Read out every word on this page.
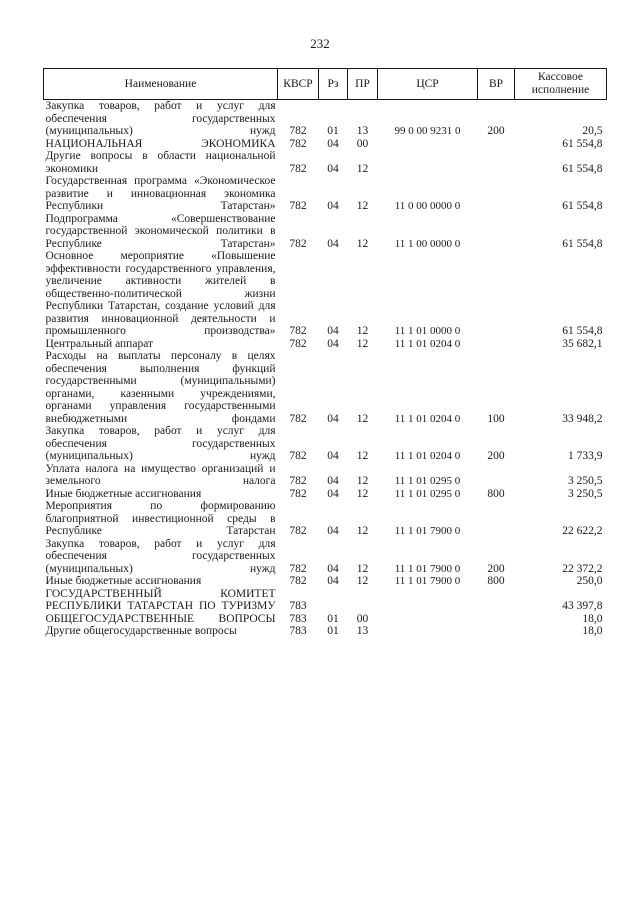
232
Наименование	КВСР	Рз	ПР	ЦСР	ВР	Кассовое исполнение
Закупка товаров, работ и услуг для обеспечения государственных (муниципальных) нужд	782	01	13	99 0 00 9231 0	200	20,5
НАЦИОНАЛЬНАЯ ЭКОНОМИКА	782	04	00			61 554,8
Другие вопросы в области национальной экономики	782	04	12			61 554,8
Государственная программа «Экономическое развитие и инновационная экономика Республики Татарстан»	782	04	12	11 0 00 0000 0		61 554,8
Подпрограмма «Совершенствование государственной экономической политики в Республике Татарстан»	782	04	12	11 1 00 0000 0		61 554,8
Основное мероприятие «Повышение эффективности государственного управления, увеличение активности жителей в общественно-политической жизни Республики Татарстан, создание условий для развития инновационной деятельности и промышленного производства»	782	04	12	11 1 01 0000 0		61 554,8
Центральный аппарат	782	04	12	11 1 01 0204 0		35 682,1
Расходы на выплаты персоналу в целях обеспечения выполнения функций государственными (муниципальными) органами, казенными учреждениями, органами управления государственными внебюджетными фондами	782	04	12	11 1 01 0204 0	100	33 948,2
Закупка товаров, работ и услуг для обеспечения государственных (муниципальных) нужд	782	04	12	11 1 01 0204 0	200	1 733,9
Уплата налога на имущество организаций и земельного налога	782	04	12	11 1 01 0295 0		3 250,5
Иные бюджетные ассигнования	782	04	12	11 1 01 0295 0	800	3 250,5
Мероприятия по формированию благоприятной инвестиционной среды в Республике Татарстан	782	04	12	11 1 01 7900 0		22 622,2
Закупка товаров, работ и услуг для обеспечения государственных (муниципальных) нужд	782	04	12	11 1 01 7900 0	200	22 372,2
Иные бюджетные ассигнования	782	04	12	11 1 01 7900 0	800	250,0
ГОСУДАРСТВЕННЫЙ КОМИТЕТ РЕСПУБЛИКИ ТАТАРСТАН ПО ТУРИЗМУ	783					43 397,8
ОБЩЕГОСУДАРСТВЕННЫЕ ВОПРОСЫ	783	01	00			18,0
Другие общегосударственные вопросы	783	01	13			18,0
